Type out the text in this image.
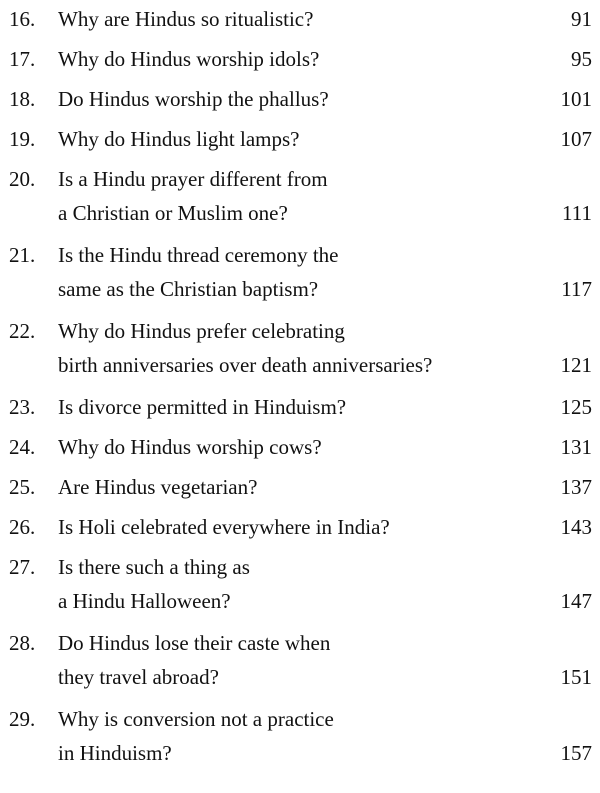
16. Why are Hindus so ritualistic?	91
17. Why do Hindus worship idols?	95
18. Do Hindus worship the phallus?	101
19. Why do Hindus light lamps?	107
20. Is a Hindu prayer different from
a Christian or Muslim one?	111
21. Is the Hindu thread ceremony the
same as the Christian baptism?	117
22. Why do Hindus prefer celebrating
birth anniversaries over death anniversaries?	121
23. Is divorce permitted in Hinduism?	125
24. Why do Hindus worship cows?	131
25. Are Hindus vegetarian?	137
26. Is Holi celebrated everywhere in India?	143
27. Is there such a thing as
a Hindu Halloween?	147
28. Do Hindus lose their caste when
they travel abroad?	151
29. Why is conversion not a practice
in Hinduism?	157
